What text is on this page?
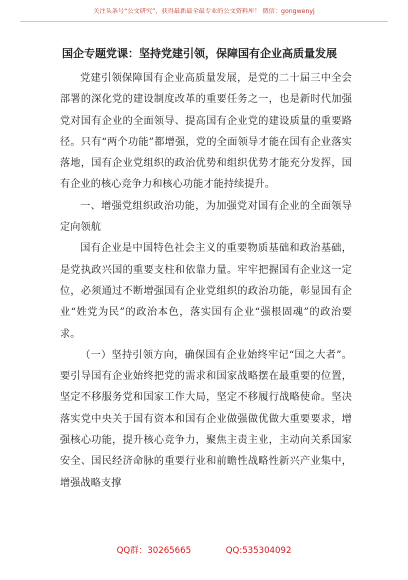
关注头条号“公文研究”，获得最新最全最专业的公文资料库！ 微信：gongwenyj
国企专题党课：坚持党建引领，保障国有企业高质量发展

党建引领保障国有企业高质量发展，是党的二十届三中全会部署的深化党的建设制度改革的重要任务之一，也是新时代加强党对国有企业的全面领导、提高国有企业党的建设质量的重要路径。只有“两个功能”都增强，党的全面领导才能在国有企业落实落地，国有企业党组织的政治优势和组织优势才能充分发挥，国有企业的核心竞争力和核心功能才能持续提升。

一、增强党组织政治功能，为加强党对国有企业的全面领导定向领航

国有企业是中国特色社会主义的重要物质基础和政治基础，是党执政兴国的重要支柱和依靠力量。牢牢把握国有企业这一定位，必须通过不断增强国有企业党组织的政治功能，彰显国有企业“姓党为民”的政治本色，落实国有企业“强根固魂”的政治要求。

（一）坚持引领方向，确保国有企业始终牢记“国之大者”。要引导国有企业始终把党的需求和国家战略摆在最重要的位置，坚定不移服务党和国家工作大局，坚定不移履行战略使命。坚决落实党中央关于国有资本和国有企业做强做优做大重要要求，增强核心功能，提升核心竞争力，聚焦主责主业，主动向关系国家安全、国民经济命脉的重要行业和前瞻性战略性新兴产业集中，增强战略支撑

QQ群：30265665	QQ:535304092
